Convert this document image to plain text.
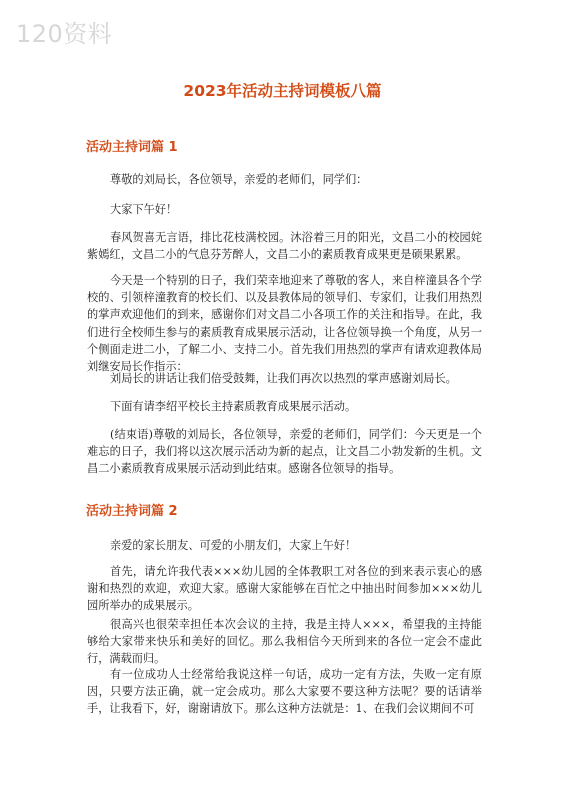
120资料
2023年活动主持词模板八篇
活动主持词篇 1

尊敬的刘局长，各位领导，亲爱的老师们，同学们：

大家下午好！

春风贺喜无言语，排比花枝满校园。沐浴着三月的阳光，文昌二小的校园姹紫嫣红，文昌二小的气息芬芳醉人，文昌二小的素质教育成果更是硕果累累。

今天是一个特别的日子，我们荣幸地迎来了尊敬的客人，来自梓潼县各个学校的、引领梓潼教育的校长们、以及县教体局的领导们、专家们，让我们用热烈的掌声欢迎他们的到来，感谢你们对文昌二小各项工作的关注和指导。在此，我们进行全校师生参与的素质教育成果展示活动，让各位领导换一个角度，从另一个侧面走进二小，了解二小、支持二小。首先我们用热烈的掌声有请欢迎教体局刘继安局长作指示：

刘局长的讲话让我们倍受鼓舞，让我们再次以热烈的掌声感谢刘局长。

下面有请李绍平校长主持素质教育成果展示活动。

(结束语)尊敬的刘局长，各位领导，亲爱的老师们，同学们：今天更是一个难忘的日子，我们将以这次展示活动为新的起点，让文昌二小勃发新的生机。文昌二小素质教育成果展示活动到此结束。感谢各位领导的指导。

活动主持词篇 2

亲爱的家长朋友、可爱的小朋友们，大家上午好！

首先，请允许我代表×××幼儿园的全体教职工对各位的到来表示衷心的感谢和热烈的欢迎，欢迎大家。感谢大家能够在百忙之中抽出时间参加×××幼儿园所举办的成果展示。

很高兴也很荣幸担任本次会议的主持，我是主持人×××，希望我的主持能够给大家带来快乐和美好的回忆。那么我相信今天所到来的各位一定会不虚此行，满载而归。

有一位成功人士经常给我说这样一句话，成功一定有方法，失败一定有原因，只要方法正确，就一定会成功。那么大家要不要这种方法呢？要的话请举手，让我看下，好，谢谢请放下。那么这种方法就是：1、在我们会议期间不可
